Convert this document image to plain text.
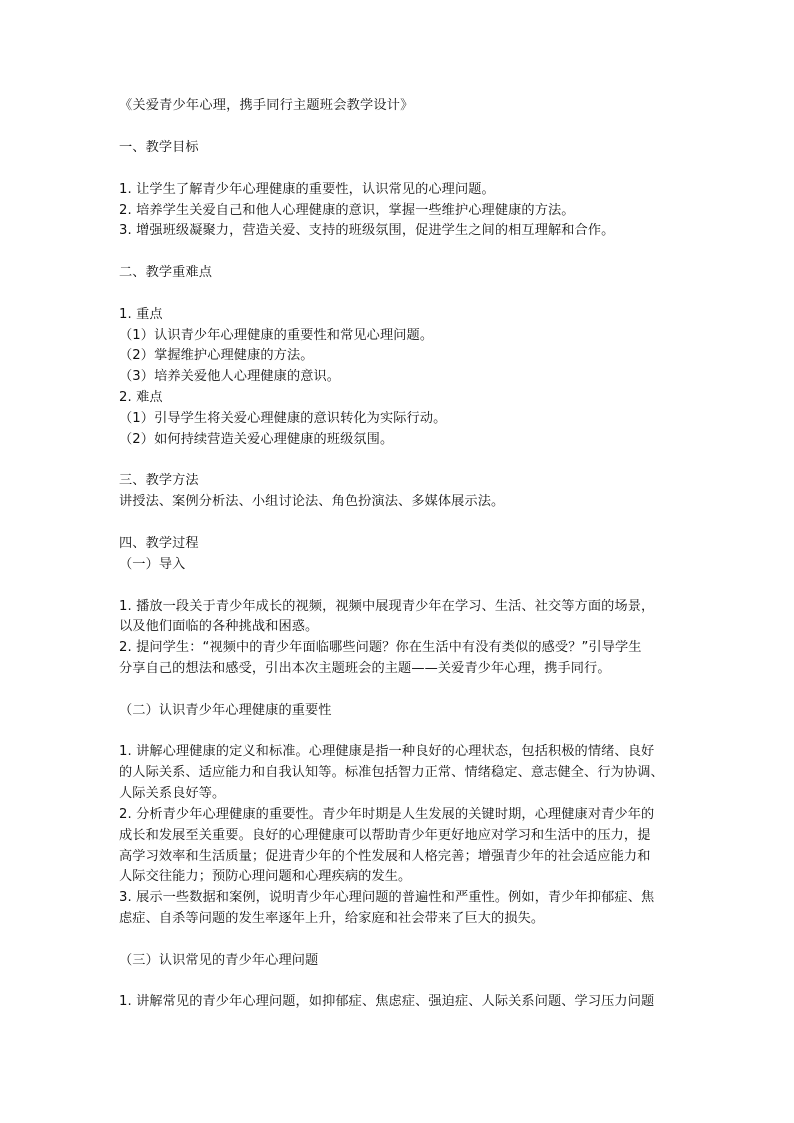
《关爱青少年心理，携手同行主题班会教学设计》
一、教学目标
1. 让学生了解青少年心理健康的重要性，认识常见的心理问题。
2. 培养学生关爱自己和他人心理健康的意识，掌握一些维护心理健康的方法。
3. 增强班级凝聚力，营造关爱、支持的班级氛围，促进学生之间的相互理解和合作。
二、教学重难点
1. 重点
（1）认识青少年心理健康的重要性和常见心理问题。
（2）掌握维护心理健康的方法。
（3）培养关爱他人心理健康的意识。
2. 难点
（1）引导学生将关爱心理健康的意识转化为实际行动。
（2）如何持续营造关爱心理健康的班级氛围。
三、教学方法
讲授法、案例分析法、小组讨论法、角色扮演法、多媒体展示法。
四、教学过程
（一）导入
1. 播放一段关于青少年成长的视频，视频中展现青少年在学习、生活、社交等方面的场景，
以及他们面临的各种挑战和困惑。
2. 提问学生：“视频中的青少年面临哪些问题？你在生活中有没有类似的感受？”引导学生
分享自己的想法和感受，引出本次主题班会的主题——关爱青少年心理，携手同行。
（二）认识青少年心理健康的重要性
1. 讲解心理健康的定义和标准。心理健康是指一种良好的心理状态，包括积极的情绪、良好
的人际关系、适应能力和自我认知等。标准包括智力正常、情绪稳定、意志健全、行为协调、
人际关系良好等。
2. 分析青少年心理健康的重要性。青少年时期是人生发展的关键时期，心理健康对青少年的
成长和发展至关重要。良好的心理健康可以帮助青少年更好地应对学习和生活中的压力，提
高学习效率和生活质量；促进青少年的个性发展和人格完善；增强青少年的社会适应能力和
人际交往能力；预防心理问题和心理疾病的发生。
3. 展示一些数据和案例，说明青少年心理问题的普遍性和严重性。例如，青少年抑郁症、焦
虑症、自杀等问题的发生率逐年上升，给家庭和社会带来了巨大的损失。
（三）认识常见的青少年心理问题
1. 讲解常见的青少年心理问题，如抑郁症、焦虑症、强迫症、人际关系问题、学习压力问题
